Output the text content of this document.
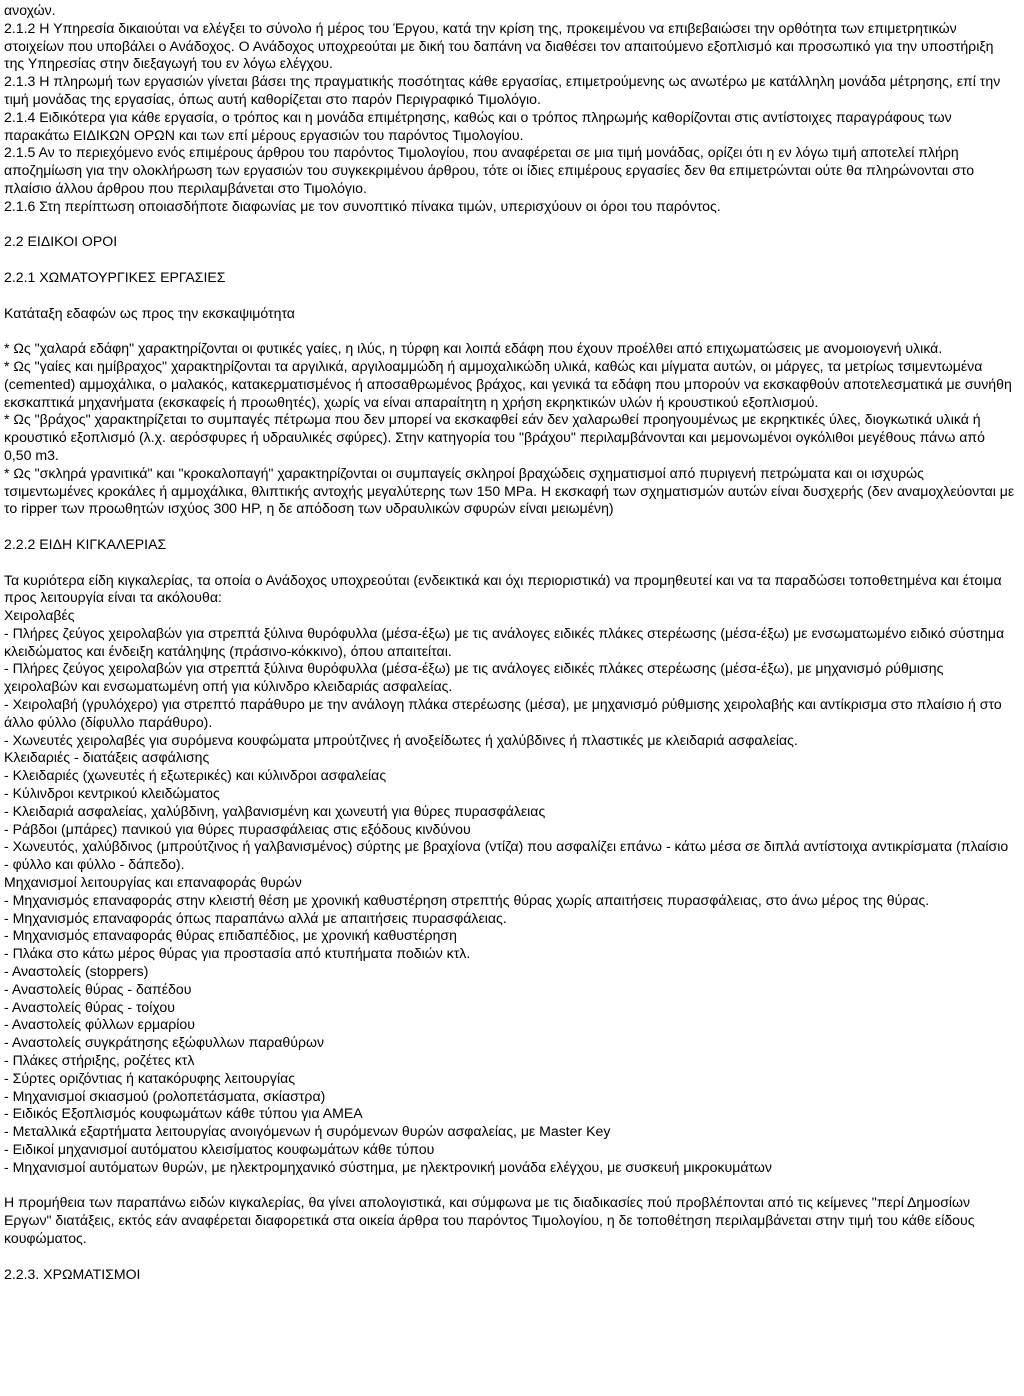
ανοχών.

2.1.2 Η Υπηρεσία δικαιούται να ελέγξει το σύνολο ή μέρος του Έργου, κατά την κρίση της, προκειμένου να επιβεβαιώσει την ορθότητα των επιμετρητικών στοιχείων που υποβάλει ο Ανάδοχος. Ο Ανάδοχος υποχρεούται με δική του δαπάνη να διαθέσει τον απαιτούμενο εξοπλισμό και προσωπικό για την υποστήριξη της Υπηρεσίας στην διεξαγωγή του εν λόγω ελέγχου.

2.1.3 Η πληρωμή των εργασιών γίνεται βάσει της πραγματικής ποσότητας κάθε εργασίας, επιμετρούμενης ως ανωτέρω με κατάλληλη μονάδα μέτρησης, επί την τιμή μονάδας της εργασίας, όπως αυτή καθορίζεται στο παρόν Περιγραφικό Τιμολόγιο.

2.1.4 Ειδικότερα για κάθε εργασία, ο τρόπος και η μονάδα επιμέτρησης, καθώς και ο τρόπος πληρωμής καθορίζονται στις αντίστοιχες παραγράφους των παρακάτω ΕΙΔΙΚΩΝ ΟΡΩΝ και των επί μέρους εργασιών του παρόντος Τιμολογίου.

2.1.5 Αν το περιεχόμενο ενός επιμέρους άρθρου του παρόντος Τιμολογίου, που αναφέρεται σε μια τιμή μονάδας, ορίζει ότι η εν λόγω τιμή αποτελεί πλήρη αποζημίωση για την ολοκλήρωση των εργασιών του συγκεκριμένου άρθρου, τότε οι ίδιες επιμέρους εργασίες δεν θα επιμετρώνται ούτε θα πληρώνονται στο πλαίσιο άλλου άρθρου που περιλαμβάνεται στο Τιμολόγιο.

2.1.6 Στη περίπτωση οποιασδήποτε διαφωνίας με τον συνοπτικό πίνακα τιμών, υπερισχύουν οι όροι του παρόντος.

2.2 ΕΙΔΙΚΟΙ ΟΡΟΙ

2.2.1 ΧΩΜΑΤΟΥΡΓΙΚΕΣ ΕΡΓΑΣΙΕΣ

Κατάταξη εδαφών ως προς την εκσκαψιμότητα

* Ως "χαλαρά εδάφη" χαρακτηρίζονται οι φυτικές γαίες, η ιλύς, η τύρφη και λοιπά εδάφη που έχουν προέλθει από επιχωματώσεις με ανομοιογενή υλικά.

* Ως "γαίες και ημίβραχος" χαρακτηρίζονται τα αργιλικά, αργιλοαμμώδη ή αμμοχαλικώδη υλικά, καθώς και μίγματα αυτών, οι μάργες, τα μετρίως τσιμεντωμένα (cemented) αμμοχάλικα, ο μαλακός, κατακερματισμένος ή αποσαθρωμένος βράχος, και γενικά τα εδάφη που μπορούν να εκσκαφθούν αποτελεσματικά με συνήθη εκσκαπτικά μηχανήματα (εκσκαφείς ή προωθητές), χωρίς να είναι απαραίτητη η χρήση εκρηκτικών υλών ή κρουστικού εξοπλισμού.

* Ως "βράχος" χαρακτηρίζεται το συμπαγές πέτρωμα που δεν μπορεί να εκσκαφθεί εάν δεν χαλαρωθεί προηγουμένως με εκρηκτικές ύλες, διογκωτικά υλικά ή κρουστικό εξοπλισμό (λ.χ. αερόσφυρες ή υδραυλικές σφύρες). Στην κατηγορία του "βράχου" περιλαμβάνονται και μεμονωμένοι ογκόλιθοι μεγέθους πάνω από 0,50 m3.

* Ως "σκληρά γρανιτικά" και "κροκαλοπαγή" χαρακτηρίζονται οι συμπαγείς σκληροί βραχώδεις σχηματισμοί από πυριγενή πετρώματα και οι ισχυρώς τσιμεντωμένες κροκάλες ή αμμοχάλικα, θλιπτικής αντοχής μεγαλύτερης των 150 MPa. Η εκσκαφή των σχηματισμών αυτών είναι δυσχερής (δεν αναμοχλεύονται με το ripper των προωθητών ισχύος 300 HP, η δε απόδοση των υδραυλικών σφυρών είναι μειωμένη)

2.2.2 ΕΙΔΗ ΚΙΓΚΑΛΕΡΙΑΣ

Τα κυριότερα είδη κιγκαλερίας, τα οποία ο Ανάδοχος υποχρεούται (ενδεικτικά και όχι περιοριστικά) να προμηθευτεί και να τα παραδώσει τοποθετημένα και έτοιμα προς λειτουργία είναι τα ακόλουθα:

Χειρολαβές

- Πλήρες ζεύγος χειρολαβών για στρεπτά ξύλινα θυρόφυλλα (μέσα-έξω) με τις ανάλογες ειδικές πλάκες στερέωσης (μέσα-έξω) με ενσωματωμένο ειδικό σύστημα κλειδώματος και ένδειξη κατάληψης (πράσινο-κόκκινο), όπου απαιτείται.

- Πλήρες ζεύγος χειρολαβών για στρεπτά ξύλινα θυρόφυλλα (μέσα-έξω) με τις ανάλογες ειδικές πλάκες στερέωσης (μέσα-έξω), με μηχανισμό ρύθμισης χειρολαβών και ενσωματωμένη οπή για κύλινδρο κλειδαριάς ασφαλείας.

- Χειρολαβή (γρυλόχερο) για στρεπτό παράθυρο με την ανάλογη πλάκα στερέωσης (μέσα), με μηχανισμό ρύθμισης χειρολαβής και αντίκρισμα στο πλαίσιο ή στο άλλο φύλλο (δίφυλλο παράθυρο).

- Χωνευτές χειρολαβές για συρόμενα κουφώματα μπρούτζινες ή ανοξείδωτες ή χαλύβδινες ή πλαστικές με κλειδαριά ασφαλείας.

Κλειδαριές - διατάξεις ασφάλισης

- Κλειδαριές (χωνευτές ή εξωτερικές) και κύλινδροι ασφαλείας

- Κύλινδροι κεντρικού κλειδώματος

- Κλειδαριά ασφαλείας, χαλύβδινη, γαλβανισμένη και χωνευτή για θύρες πυρασφάλειας

- Ράβδοι (μπάρες) πανικού για θύρες πυρασφάλειας στις εξόδους κινδύνου

- Χωνευτός, χαλύβδινος (μπρούτζινος ή γαλβανισμένος) σύρτης με βραχίονα (ντίζα) που ασφαλίζει επάνω - κάτω μέσα σε διπλά αντίστοιχα αντικρίσματα (πλαίσιο - φύλλο και φύλλο - δάπεδο).

Μηχανισμοί λειτουργίας και επαναφοράς θυρών

- Μηχανισμός επαναφοράς στην κλειστή θέση με χρονική καθυστέρηση στρεπτής θύρας χωρίς απαιτήσεις πυρασφάλειας, στο άνω μέρος της θύρας.

- Μηχανισμός επαναφοράς όπως παραπάνω αλλά με απαιτήσεις πυρασφάλειας.

- Μηχανισμός επαναφοράς θύρας επιδαπέδιος, με χρονική καθυστέρηση

- Πλάκα στο κάτω μέρος θύρας για προστασία από κτυπήματα ποδιών κτλ.

- Αναστολείς (stoppers)

- Αναστολείς θύρας - δαπέδου

- Αναστολείς θύρας - τοίχου

- Αναστολείς φύλλων ερμαρίου

- Αναστολείς συγκράτησης εξώφυλλων παραθύρων

- Πλάκες στήριξης, ροζέτες κτλ

- Σύρτες οριζόντιας ή κατακόρυφης λειτουργίας

- Μηχανισμοί σκιασμού (ρολοπετάσματα, σκίαστρα)

- Ειδικός Εξοπλισμός κουφωμάτων κάθε τύπου για ΑΜΕΑ

- Μεταλλικά εξαρτήματα λειτουργίας ανοιγόμενων ή συρόμενων θυρών ασφαλείας, με Master Key

- Ειδικοί μηχανισμοί αυτόματου κλεισίματος κουφωμάτων κάθε τύπου

- Μηχανισμοί αυτόματων θυρών, με ηλεκτρομηχανικό σύστημα, με ηλεκτρονική μονάδα ελέγχου, με συσκευή μικροκυμάτων

Η προμήθεια των παραπάνω ειδών κιγκαλερίας, θα γίνει απολογιστικά, και σύμφωνα με τις διαδικασίες πού προβλέπονται από τις κείμενες "περί Δημοσίων Εργων" διατάξεις, εκτός εάν αναφέρεται διαφορετικά στα οικεία άρθρα του παρόντος Τιμολογίου, η δε τοποθέτηση περιλαμβάνεται στην τιμή του κάθε είδους κουφώματος.

2.2.3. ΧΡΩΜΑΤΙΣΜΟΙ
